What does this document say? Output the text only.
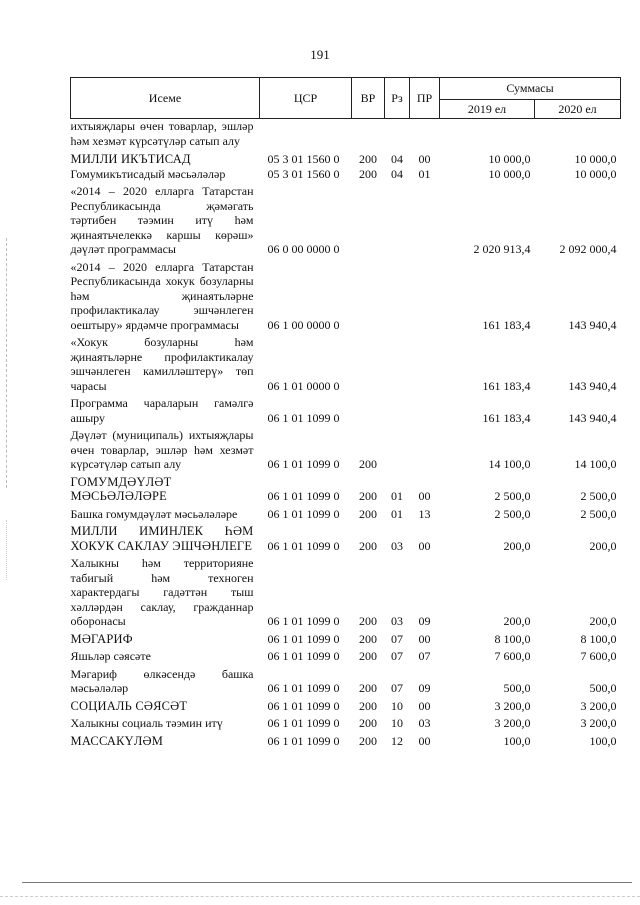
191
Исеме	ЦСР	ВР	Рз	ПР	Суммасы	
					2019 ел	2020 ел
ихтыяҗлары өчен товарлар, эшләр һәм хезмәт күрсәтүләр сатып алу						
МИЛЛИ ИКЪТИСАД	05 3 01 1560 0	200	04	00	10 000,0	10 000,0
Гомумикътисадый мәсьәләләр	05 3 01 1560 0	200	04	01	10 000,0	10 000,0
«2014 – 2020 елларга Татарстан Республикасында җәмәгать тәртибен тәэмин итү һәм җинаятьчелеккә каршы көрәш» дәүләт программасы	06 0 00 0000 0				2 020 913,4	2 092 000,4
«2014 – 2020 елларга Татарстан Республикасында хокук бозуларны һәм җинаятьләрне профилактикалау эшчәнлеген оештыру» ярдәмче программасы	06 1 00 0000 0				161 183,4	143 940,4
«Хокук бозуларны һәм җинаятьләрне профилактикалау эшчәнлеген камилләштерү» төп чарасы	06 1 01 0000 0				161 183,4	143 940,4
Программа чараларын гамәлгә ашыру	06 1 01 1099 0				161 183,4	143 940,4
Дәүләт (муниципаль) ихтыяҗлары өчен товарлар, эшләр һәм хезмәт күрсәтүләр сатып алу	06 1 01 1099 0	200			14 100,0	14 100,0
ГОМУМДӘҮЛӘТ МӘСЬӘЛӘЛӘРЕ	06 1 01 1099 0	200	01	00	2 500,0	2 500,0
Башка гомумдәүләт мәсьәләләре	06 1 01 1099 0	200	01	13	2 500,0	2 500,0
МИЛЛИ ИМИНЛЕК ҺӘМ ХОКУК САКЛАУ ЭШЧӘНЛЕГЕ	06 1 01 1099 0	200	03	00	200,0	200,0
Халыкны һәм территорияне табигый һәм техноген характердагы гадәттән тыш хәлләрдән саклау, гражданнар оборонасы	06 1 01 1099 0	200	03	09	200,0	200,0
МӘГАРИФ	06 1 01 1099 0	200	07	00	8 100,0	8 100,0
Яшьләр сәясәте	06 1 01 1099 0	200	07	07	7 600,0	7 600,0
Мәгариф өлкәсендә башка мәсьәләләр	06 1 01 1099 0	200	07	09	500,0	500,0
СОЦИАЛЬ СӘЯСӘТ	06 1 01 1099 0	200	10	00	3 200,0	3 200,0
Халыкны социаль тәэмин итү	06 1 01 1099 0	200	10	03	3 200,0	3 200,0
МАССАКҮЛӘМ	06 1 01 1099 0	200	12	00	100,0	100,0
